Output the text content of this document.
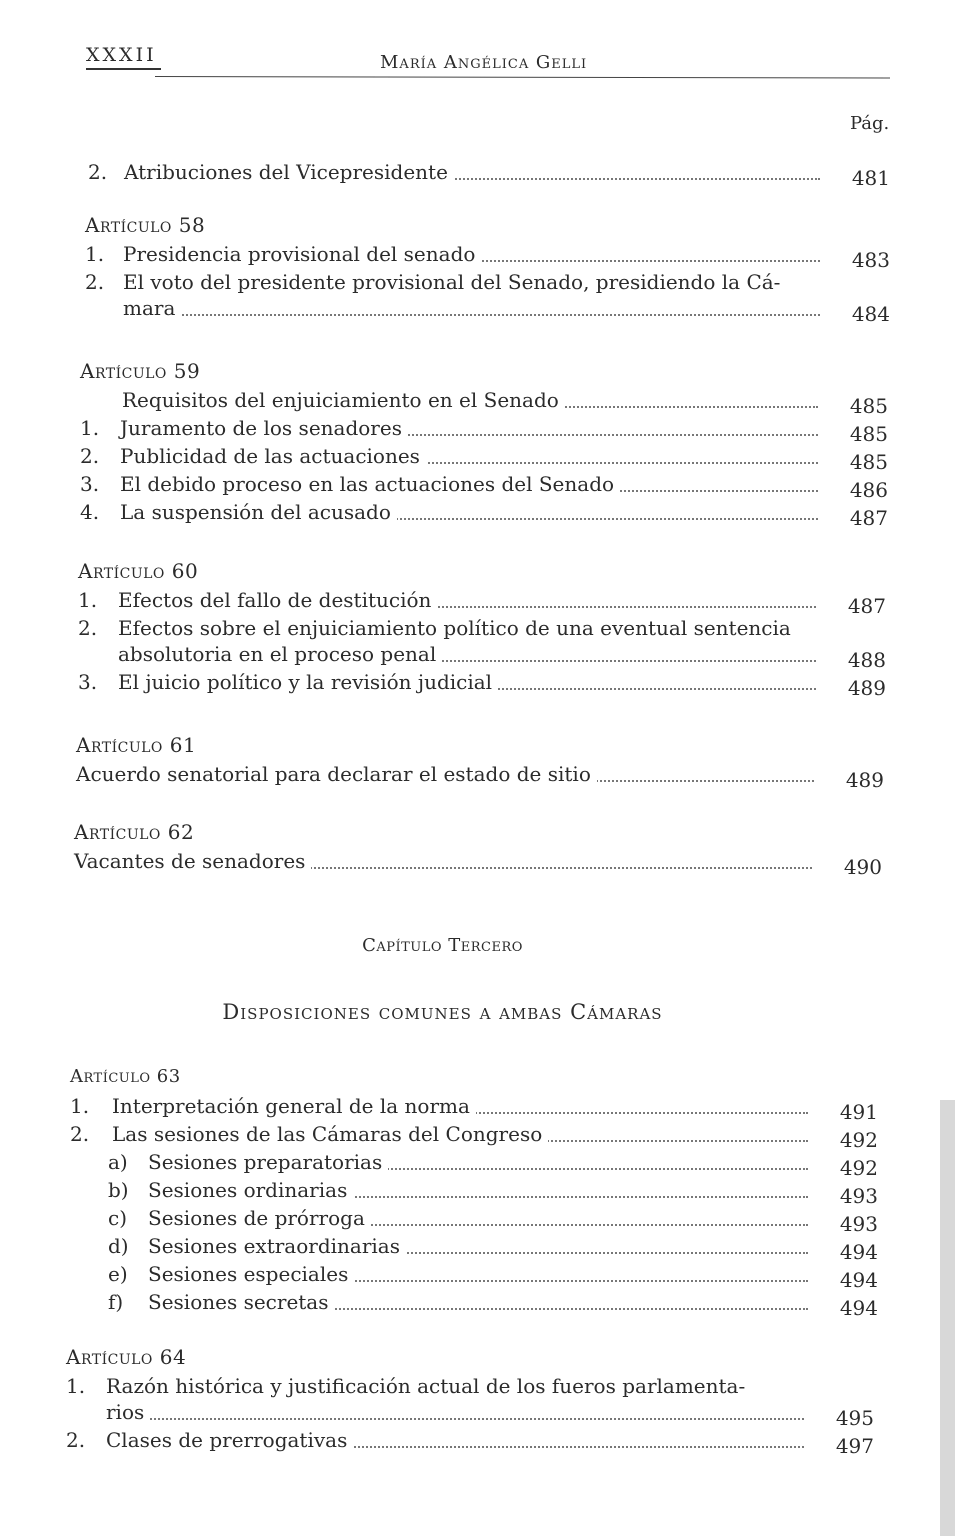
XXXII	María Angélica Gelli
Pág.
2. Atribuciones del Vicepresidente	481
Artículo 58
1. Presidencia provisional del senado	483
2. El voto del presidente provisional del Senado, presidiendo la Cá-
mara	484
Artículo 59
Requisitos del enjuiciamiento en el Senado	485
1. Juramento de los senadores	485
2. Publicidad de las actuaciones	485
3. El debido proceso en las actuaciones del Senado	486
4. La suspensión del acusado	487
Artículo 60
1. Efectos del fallo de destitución	487
2. Efectos sobre el enjuiciamiento político de una eventual sentencia
absolutoria en el proceso penal	488
3. El juicio político y la revisión judicial	489
Artículo 61
Acuerdo senatorial para declarar el estado de sitio	489
Artículo 62
Vacantes de senadores	490
Capítulo Tercero
Disposiciones comunes a ambas Cámaras
Artículo 63
1. Interpretación general de la norma	491
2. Las sesiones de las Cámaras del Congreso	492
a) Sesiones preparatorias	492
b) Sesiones ordinarias	493
c) Sesiones de prórroga	493
d) Sesiones extraordinarias	494
e) Sesiones especiales	494
f) Sesiones secretas	494
Artículo 64
1. Razón histórica y justificación actual de los fueros parlamenta-
rios	495
2. Clases de prerrogativas	497
